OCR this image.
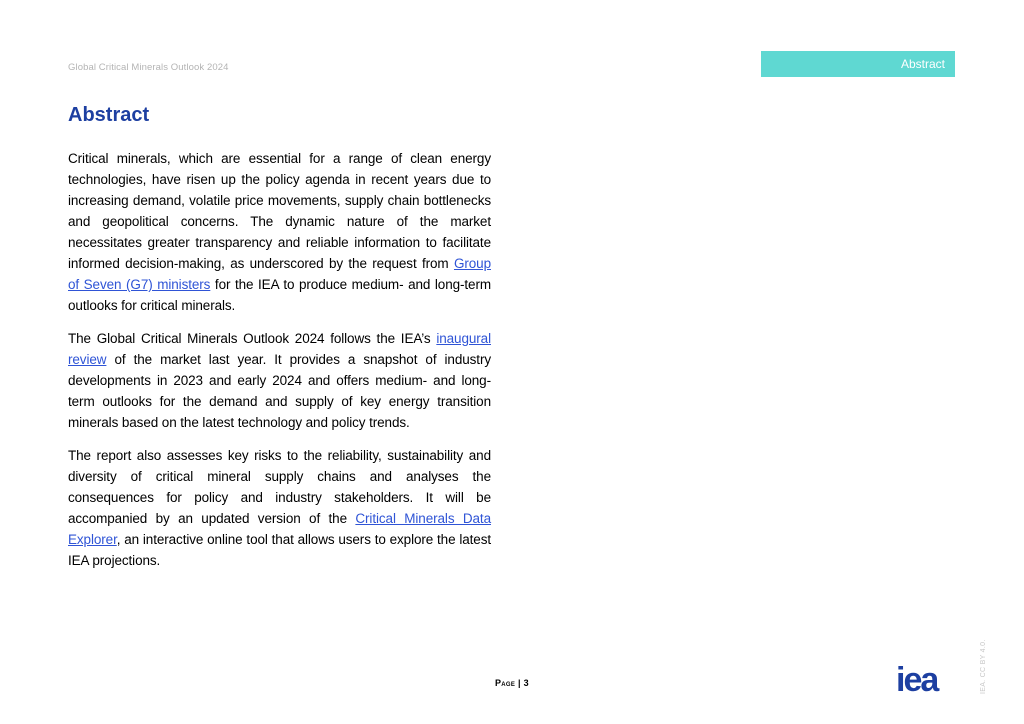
Global Critical Minerals Outlook 2024	Abstract
Abstract

Critical minerals, which are essential for a range of clean energy technologies, have risen up the policy agenda in recent years due to increasing demand, volatile price movements, supply chain bottlenecks and geopolitical concerns. The dynamic nature of the market necessitates greater transparency and reliable information to facilitate informed decision-making, as underscored by the request from Group of Seven (G7) ministers for the IEA to produce medium- and long-term outlooks for critical minerals.

The Global Critical Minerals Outlook 2024 follows the IEA’s inaugural review of the market last year. It provides a snapshot of industry developments in 2023 and early 2024 and offers medium- and long-term outlooks for the demand and supply of key energy transition minerals based on the latest technology and policy trends.

The report also assesses key risks to the reliability, sustainability and diversity of critical mineral supply chains and analyses the consequences for policy and industry stakeholders. It will be accompanied by an updated version of the Critical Minerals Data Explorer, an interactive online tool that allows users to explore the latest IEA projections.

Page | 3	iea	IEA. CC BY 4.0.
